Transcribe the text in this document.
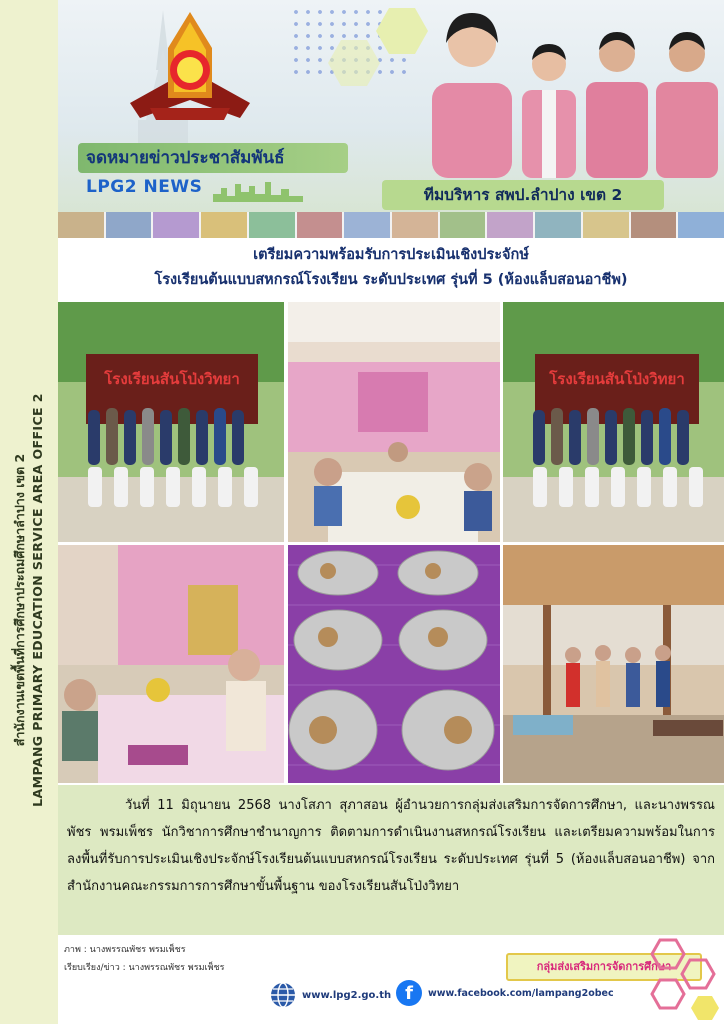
สำนักงานเขตพื้นที่การศึกษาประถมศึกษาลำปาง เขต 2 LAMPANG PRIMARY EDUCATION SERVICE AREA OFFICE 2
จดหมายข่าวประชาสัมพันธ์
LPG2 NEWS	ทีมบริหาร สพป.ลำปาง เขต 2
เตรียมความพร้อมรับการประเมินเชิงประจักษ์
โรงเรียนต้นแบบสหกรณ์โรงเรียน ระดับประเทศ รุ่นที่ 5 (ห้องแล็บสอนอาชีพ)
โรงเรียนสันโป่งวิทยา	โรงเรียนสันโป่งวิทยา
วันที่ 11 มิถุนายน 2568 นางโสภา สุภาสอน ผู้อำนวยการกลุ่มส่งเสริมการจัดการศึกษา, และนางพรรณพัชร พรมเพ็ชร นักวิชาการศึกษาชำนาญการ ติดตามการดำเนินงานสหกรณ์โรงเรียน และเตรียมความพร้อมในการลงพื้นที่รับการประเมินเชิงประจักษ์โรงเรียนต้นแบบสหกรณ์โรงเรียน ระดับประเทศ รุ่นที่ 5 (ห้องแล็บสอนอาชีพ) จากสำนักงานคณะกรรมการการศึกษาขั้นพื้นฐาน ของโรงเรียนสันโป่งวิทยา
ภาพ : นางพรรณพัชร พรมเพ็ชร
เรียบเรียง/ข่าว : นางพรรณพัชร พรมเพ็ชร	กลุ่มส่งเสริมการจัดการศึกษา
www.lpg2.go.th f	www.facebook.com/lampang2obec
